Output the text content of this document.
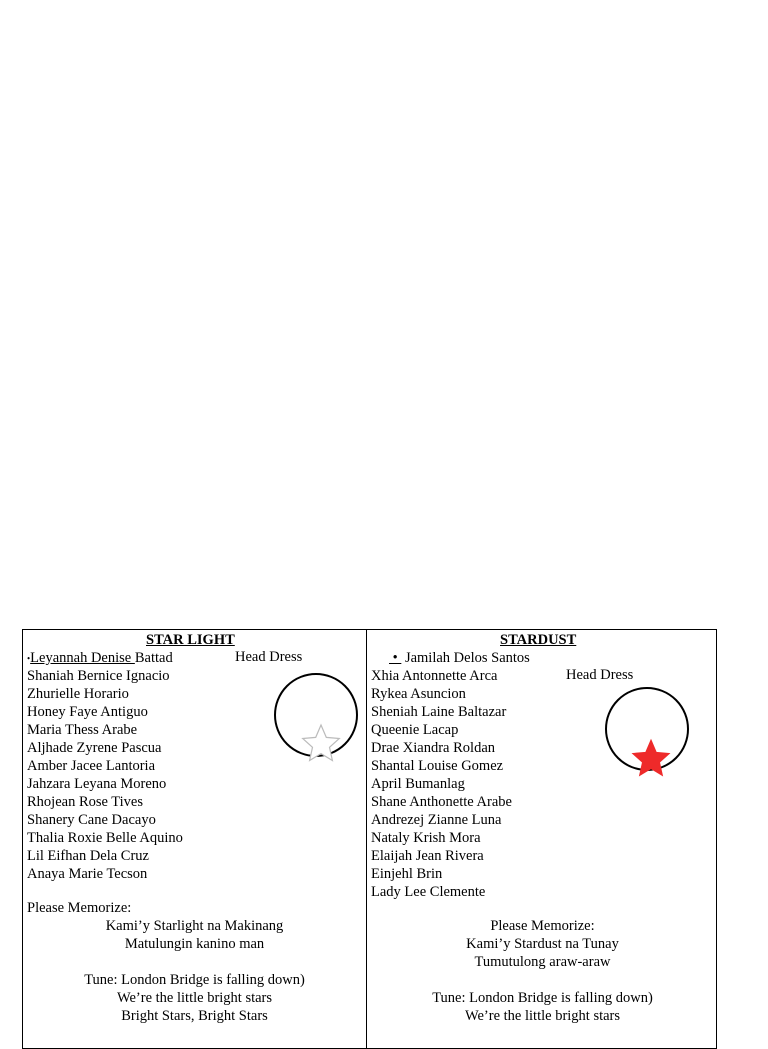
STAR LIGHT
•Leyannah Denise Battad	Head Dress
Shaniah Bernice Ignacio
Zhurielle Horario
Honey Faye Antiguo
Maria Thess Arabe
Aljhade Zyrene Pascua
Amber Jacee Lantoria
Jahzara Leyana Moreno
Rhojean Rose Tives
Shanery Cane Dacayo
Thalia Roxie Belle Aquino
Lil Eifhan Dela Cruz
Anaya Marie Tecson
Please Memorize:
Kami’y Starlight na Makinang
Matulungin kanino man
Tune: London Bridge is falling down)
We’re the little bright stars
Bright Stars, Bright Stars
STARDUST
•  Jamilah Delos Santos
Head Dress
Xhia Antonnette Arca
Rykea Asuncion
Sheniah Laine Baltazar
Queenie Lacap
Drae Xiandra Roldan
Shantal Louise Gomez
April Bumanlag
Shane Anthonette Arabe
Andrezej Zianne Luna
Nataly Krish Mora
Elaijah Jean Rivera
Einjehl Brin
Lady Lee Clemente
Please Memorize:
Kami’y Stardust na Tunay
Tumutulong araw-araw
Tune: London Bridge is falling down)
We’re the little bright stars
